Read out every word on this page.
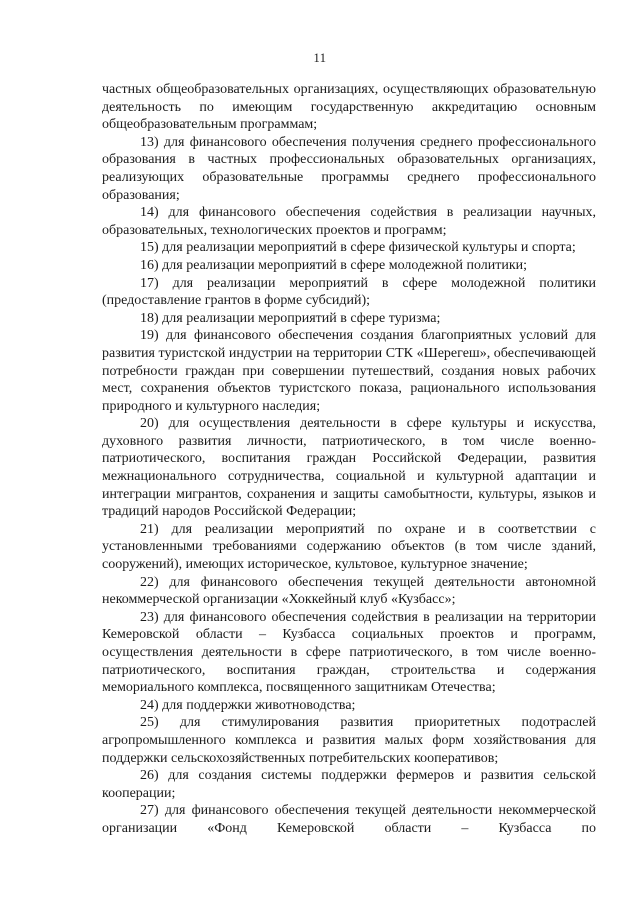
11

частных общеобразовательных организациях, осуществляющих образовательную деятельность по имеющим государственную аккредитацию основным общеобразовательным программам;

13) для финансового обеспечения получения среднего профессионального образования в частных профессиональных образовательных организациях, реализующих образовательные программы среднего профессионального образования;

14) для финансового обеспечения содействия в реализации научных, образовательных, технологических проектов и программ;

15) для реализации мероприятий в сфере физической культуры и спорта;

16) для реализации мероприятий в сфере молодежной политики;

17) для реализации мероприятий в сфере молодежной политики (предоставление грантов в форме субсидий);

18) для реализации мероприятий в сфере туризма;

19) для финансового обеспечения создания благоприятных условий для развития туристской индустрии на территории СТК «Шерегеш», обеспечивающей потребности граждан при совершении путешествий, создания новых рабочих мест, сохранения объектов туристского показа, рационального использования природного и культурного наследия;

20) для осуществления деятельности в сфере культуры и искусства, духовного развития личности, патриотического, в том числе военно-патриотического, воспитания граждан Российской Федерации, развития межнационального сотрудничества, социальной и культурной адаптации и интеграции мигрантов, сохранения и защиты самобытности, культуры, языков и традиций народов Российской Федерации;

21) для реализации мероприятий по охране и в соответствии с установленными требованиями содержанию объектов (в том числе зданий, сооружений), имеющих историческое, культовое, культурное значение;

22) для финансового обеспечения текущей деятельности автономной некоммерческой организации «Хоккейный клуб «Кузбасс»;

23) для финансового обеспечения содействия в реализации на территории Кемеровской области – Кузбасса социальных проектов и программ, осуществления деятельности в сфере патриотического, в том числе военно-патриотического, воспитания граждан, строительства и содержания мемориального комплекса, посвященного защитникам Отечества;

24) для поддержки животноводства;

25) для стимулирования развития приоритетных подотраслей агропромышленного комплекса и развития малых форм хозяйствования для поддержки сельскохозяйственных потребительских кооперативов;

26) для создания системы поддержки фермеров и развития сельской кооперации;

27) для финансового обеспечения текущей деятельности некоммерческой организации «Фонд Кемеровской области – Кузбасса по
